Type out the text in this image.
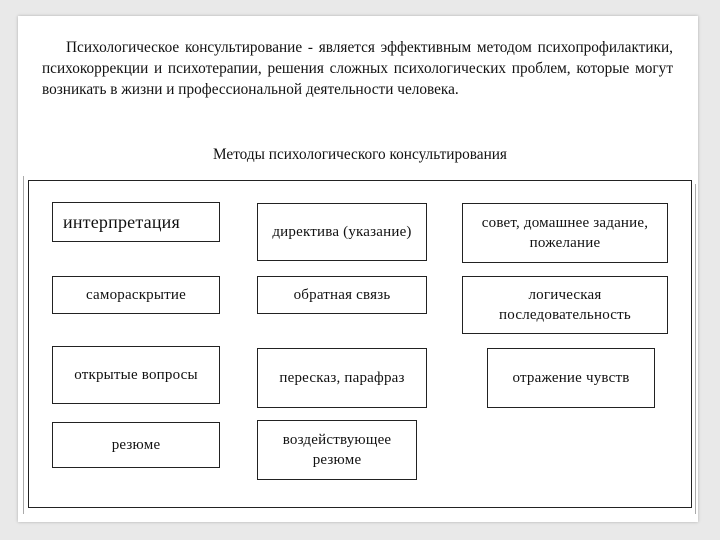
Психологическое консультирование - является эффективным методом психопрофилактики, психокоррекции и психотерапии, решения сложных психологических проблем, которые могут возникать в жизни и профессиональной деятельности человека.

Методы психологического консультирования
интерпретация	директива (указание)
совет, домашнее задание, пожелание
самораскрытие	обратная связь	логическая последовательность
открытые вопросы	пересказ, парафраз	отражение чувств
резюме	воздействующее резюме
